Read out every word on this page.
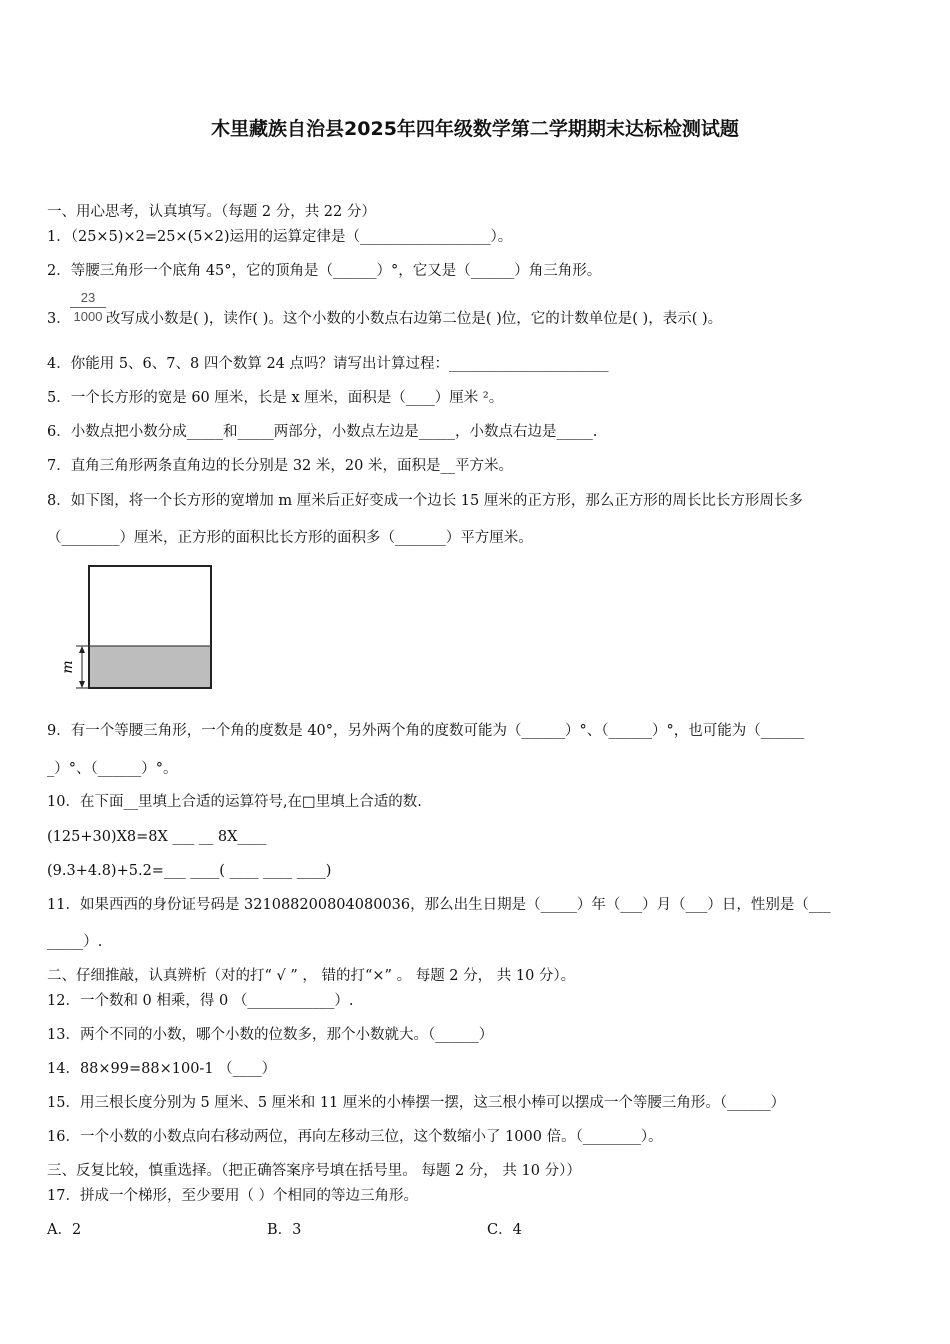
木里藏族自治县2025年四年级数学第二学期期末达标检测试题
一、用心思考，认真填写。（每题 2 分，共 22 分）
1．（25×5)×2=25×(5×2)运用的运算定律是（__________________）。
2．等腰三角形一个底角 45°，它的顶角是（______）°，它又是（______）角三角形。
3．
23
1000 改写成小数是( )，读作( )。这个小数的小数点右边第二位是( )位，它的计数单位是( )，表示( )。
4．你能用 5、6、7、8 四个数算 24 点吗？请写出计算过程：______________________
5．一个长方形的宽是 60 厘米，长是 x 厘米，面积是（____）厘米 ²。
6．小数点把小数分成_____和_____两部分，小数点左边是_____，小数点右边是_____.
7．直角三角形两条直角边的长分别是 32 米，20 米，面积是__平方米。
8．如下图，将一个长方形的宽增加 m 厘米后正好变成一个边长 15 厘米的正方形，那么正方形的周长比长方形周长多
（________）厘米，正方形的面积比长方形的面积多（_______）平方厘米。
m
9．有一个等腰三角形，一个角的度数是 40°，另外两个角的度数可能为（______）°、（______）°，也可能为（______
_）°、（______）°。
10．在下面__里填上合适的运算符号,在□里填上合适的数.
(125+30)X8=8X ___ __ 8X____
(9.3+4.8)+5.2=___ ____( ____ ____ ____)
11．如果西西的身份证号码是 321088200804080036，那么出生日期是（_____）年（___）月（___）日，性别是（___
_____）.
二、仔细推敲，认真辨析（对的打“ √ ” ， 错的打“×” 。 每题 2 分， 共 10 分）。
12．一个数和 0 相乘，得 0 （____________）.
13．两个不同的小数，哪个小数的位数多，那个小数就大。（______）
14．88×99=88×100-1 （____）
15．用三根长度分别为 5 厘米、5 厘米和 11 厘米的小棒摆一摆，这三根小棒可以摆成一个等腰三角形。（______）
16．一个小数的小数点向右移动两位，再向左移动三位，这个数缩小了 1000 倍。（________）。
三、反复比较，慎重选择。（把正确答案序号填在括号里。 每题 2 分， 共 10 分））
17．拼成一个梯形，至少要用（ ）个相同的等边三角形。
A．2	B．3	C．4
